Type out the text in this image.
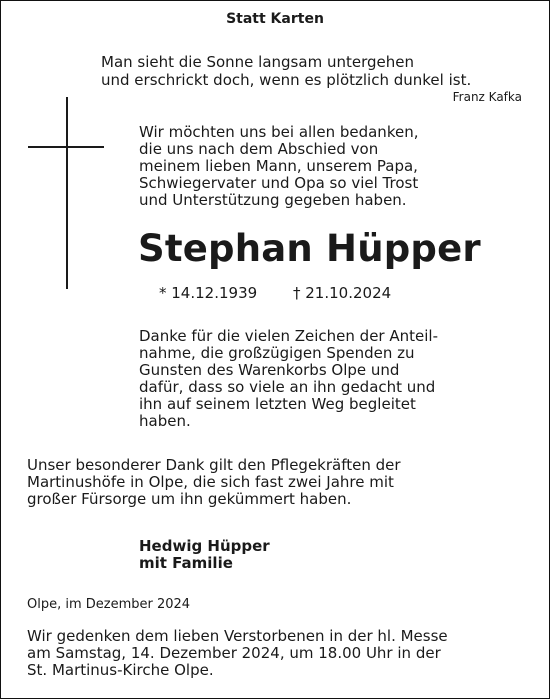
Statt Karten
Man sieht die Sonne langsam untergehen
und erschrickt doch, wenn es plötzlich dunkel ist.
Franz Kafka
Wir möchten uns bei allen bedanken,
die uns nach dem Abschied von
meinem lieben Mann, unserem Papa,
Schwiegervater und Opa so viel Trost
und Unterstützung gegeben haben.
Stephan Hüpper
* 14.12.1939 † 21.10.2024
Danke für die vielen Zeichen der Anteil-
nahme, die großzügigen Spenden zu
Gunsten des Warenkorbs Olpe und
dafür, dass so viele an ihn gedacht und
ihn auf seinem letzten Weg begleitet
haben.
Unser besonderer Dank gilt den Pflegekräften der
Martinushöfe in Olpe, die sich fast zwei Jahre mit
großer Fürsorge um ihn gekümmert haben.
Hedwig Hüpper
mit Familie
Olpe, im Dezember 2024
Wir gedenken dem lieben Verstorbenen in der hl. Messe
am Samstag, 14. Dezember 2024, um 18.00 Uhr in der
St. Martinus-Kirche Olpe.
